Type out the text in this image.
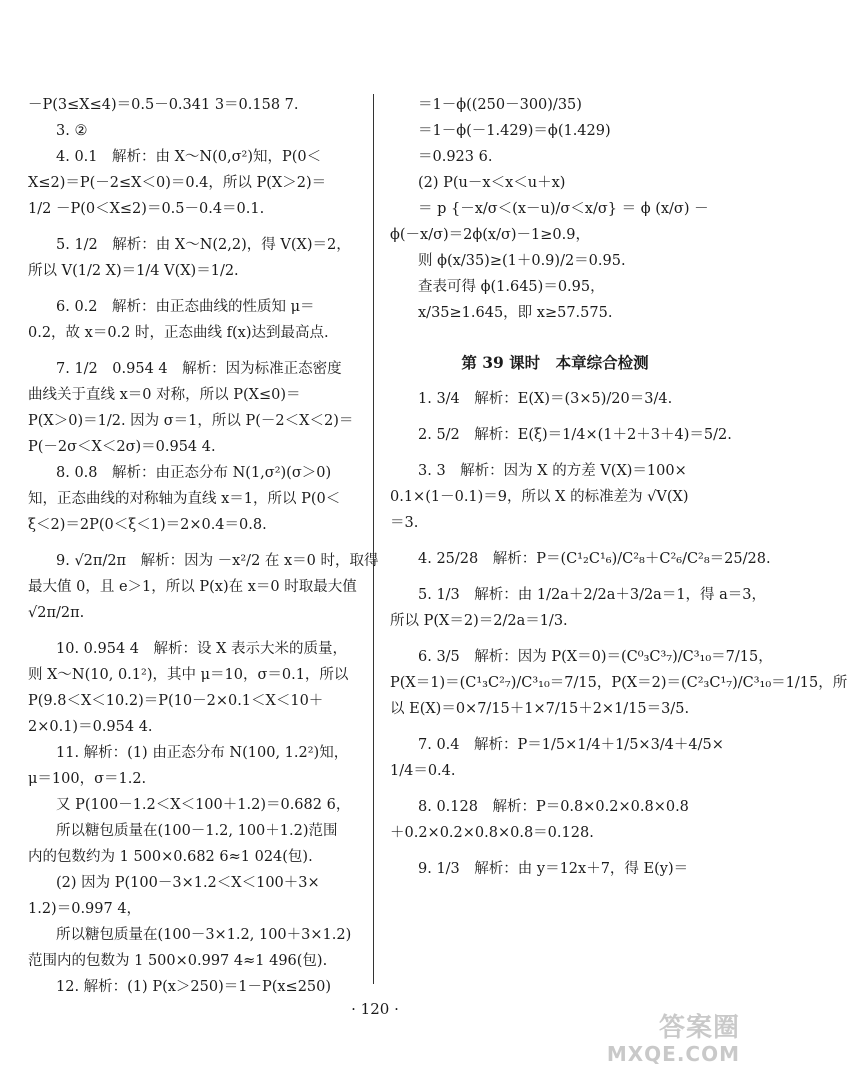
－P(3≤X≤4)＝0.5－0.341 3＝0.158 7.
3. ②
4. 0.1　解析：由 X～N(0,σ²)知，P(0＜
X≤2)＝P(－2≤X＜0)＝0.4，所以 P(X＞2)＝
1/2 －P(0＜X≤2)＝0.5－0.4＝0.1.
5. 1/2　解析：由 X～N(2,2)，得 V(X)＝2，
所以 V(1/2 X)＝1/4 V(X)＝1/2.
6. 0.2　解析：由正态曲线的性质知 μ＝
0.2，故 x＝0.2 时，正态曲线 f(x)达到最高点.
7. 1/2　0.954 4　解析：因为标准正态密度
曲线关于直线 x＝0 对称，所以 P(X≤0)＝
P(X＞0)＝1/2. 因为 σ＝1，所以 P(－2＜X＜2)＝
P(－2σ＜X＜2σ)＝0.954 4.
8. 0.8　解析：由正态分布 N(1,σ²)(σ＞0)
知，正态曲线的对称轴为直线 x＝1，所以 P(0＜
ξ＜2)＝2P(0＜ξ＜1)＝2×0.4＝0.8.
9. √2π/2π　解析：因为 －x²/2 在 x＝0 时，取得
最大值 0，且 e＞1，所以 P(x)在 x＝0 时取最大值
√2π/2π.
10. 0.954 4　解析：设 X 表示大米的质量，
则 X～N(10, 0.1²)，其中 μ＝10，σ＝0.1，所以
P(9.8＜X＜10.2)＝P(10－2×0.1＜X＜10＋
2×0.1)＝0.954 4.
11. 解析：(1) 由正态分布 N(100, 1.2²)知，
μ＝100，σ＝1.2.
又 P(100－1.2＜X＜100＋1.2)＝0.682 6，
所以糖包质量在(100－1.2, 100＋1.2)范围
内的包数约为 1 500×0.682 6≈1 024(包).
(2) 因为 P(100－3×1.2＜X＜100＋3×
1.2)＝0.997 4，
所以糖包质量在(100－3×1.2, 100＋3×1.2)
范围内的包数为 1 500×0.997 4≈1 496(包).
12. 解析：(1) P(x＞250)＝1－P(x≤250)
＝1－ϕ((250－300)/35)
＝1－ϕ(－1.429)＝ϕ(1.429)
＝0.923 6.
(2) P(u－x＜x＜u＋x)
＝ p {－x/σ＜(x－u)/σ＜x/σ} ＝ ϕ (x/σ) －
ϕ(－x/σ)＝2ϕ(x/σ)－1≥0.9，
则 ϕ(x/35)≥(1＋0.9)/2＝0.95.
查表可得 ϕ(1.645)＝0.95，
x/35≥1.645，即 x≥57.575.
第 39 课时　本章综合检测
1. 3/4　解析：E(X)＝(3×5)/20＝3/4.
2. 5/2　解析：E(ξ)＝1/4×(1＋2＋3＋4)＝5/2.
3. 3　解析：因为 X 的方差 V(X)＝100×
0.1×(1－0.1)＝9，所以 X 的标准差为 √V(X)
＝3.
4. 25/28　解析：P＝(C¹₂C¹₆)/C²₈＋C²₆/C²₈＝25/28.
5. 1/3　解析：由 1/2a＋2/2a＋3/2a＝1，得 a＝3，
所以 P(X＝2)＝2/2a＝1/3.
6. 3/5　解析：因为 P(X＝0)＝(C⁰₃C³₇)/C³₁₀＝7/15，
P(X＝1)＝(C¹₃C²₇)/C³₁₀＝7/15，P(X＝2)＝(C²₃C¹₇)/C³₁₀＝1/15，所
以 E(X)＝0×7/15＋1×7/15＋2×1/15＝3/5.
7. 0.4　解析：P＝1/5×1/4＋1/5×3/4＋4/5×
1/4＝0.4.
8. 0.128　解析：P＝0.8×0.2×0.8×0.8
＋0.2×0.2×0.8×0.8＝0.128.
9. 1/3　解析：由 y＝12x＋7，得 E(y)＝
· 120 ·
答案圈
MXQE.COM
